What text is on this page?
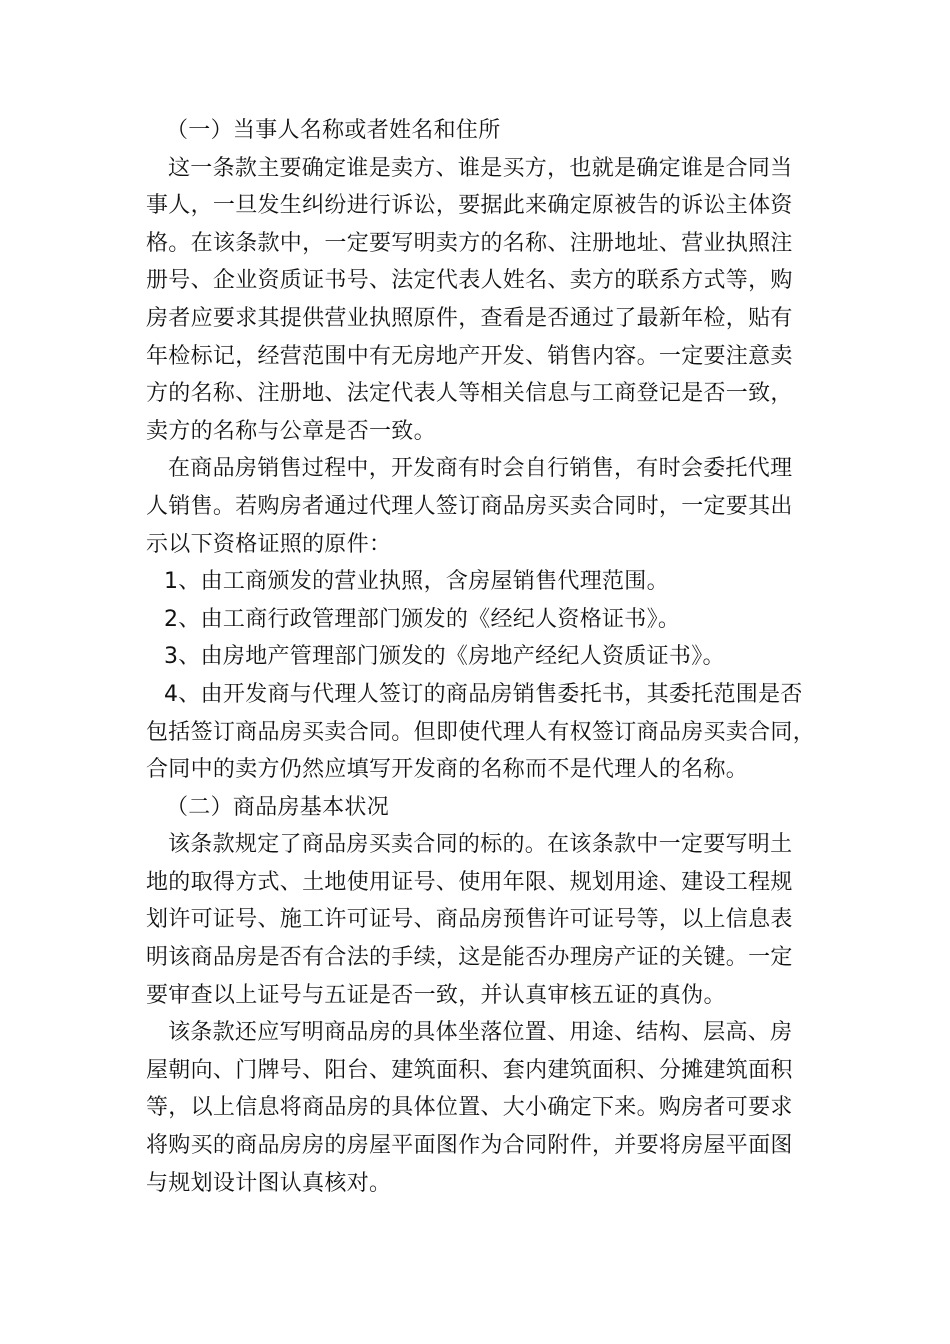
（一）当事人名称或者姓名和住所
这一条款主要确定谁是卖方、谁是买方，也就是确定谁是合同当
事人，一旦发生纠纷进行诉讼，要据此来确定原被告的诉讼主体资
格。在该条款中，一定要写明卖方的名称、注册地址、营业执照注
册号、企业资质证书号、法定代表人姓名、卖方的联系方式等，购
房者应要求其提供营业执照原件，查看是否通过了最新年检，贴有
年检标记，经营范围中有无房地产开发、销售内容。一定要注意卖
方的名称、注册地、法定代表人等相关信息与工商登记是否一致，
卖方的名称与公章是否一致。
在商品房销售过程中，开发商有时会自行销售，有时会委托代理
人销售。若购房者通过代理人签订商品房买卖合同时，一定要其出
示以下资格证照的原件：
1、由工商颁发的营业执照，含房屋销售代理范围。
2、由工商行政管理部门颁发的《经纪人资格证书》。
3、由房地产管理部门颁发的《房地产经纪人资质证书》。
4、由开发商与代理人签订的商品房销售委托书，其委托范围是否
包括签订商品房买卖合同。但即使代理人有权签订商品房买卖合同，
合同中的卖方仍然应填写开发商的名称而不是代理人的名称。
（二）商品房基本状况
该条款规定了商品房买卖合同的标的。在该条款中一定要写明土
地的取得方式、土地使用证号、使用年限、规划用途、建设工程规
划许可证号、施工许可证号、商品房预售许可证号等，以上信息表
明该商品房是否有合法的手续，这是能否办理房产证的关键。一定
要审查以上证号与五证是否一致，并认真审核五证的真伪。
该条款还应写明商品房的具体坐落位置、用途、结构、层高、房
屋朝向、门牌号、阳台、建筑面积、套内建筑面积、分摊建筑面积
等，以上信息将商品房的具体位置、大小确定下来。购房者可要求
将购买的商品房房的房屋平面图作为合同附件，并要将房屋平面图
与规划设计图认真核对。
